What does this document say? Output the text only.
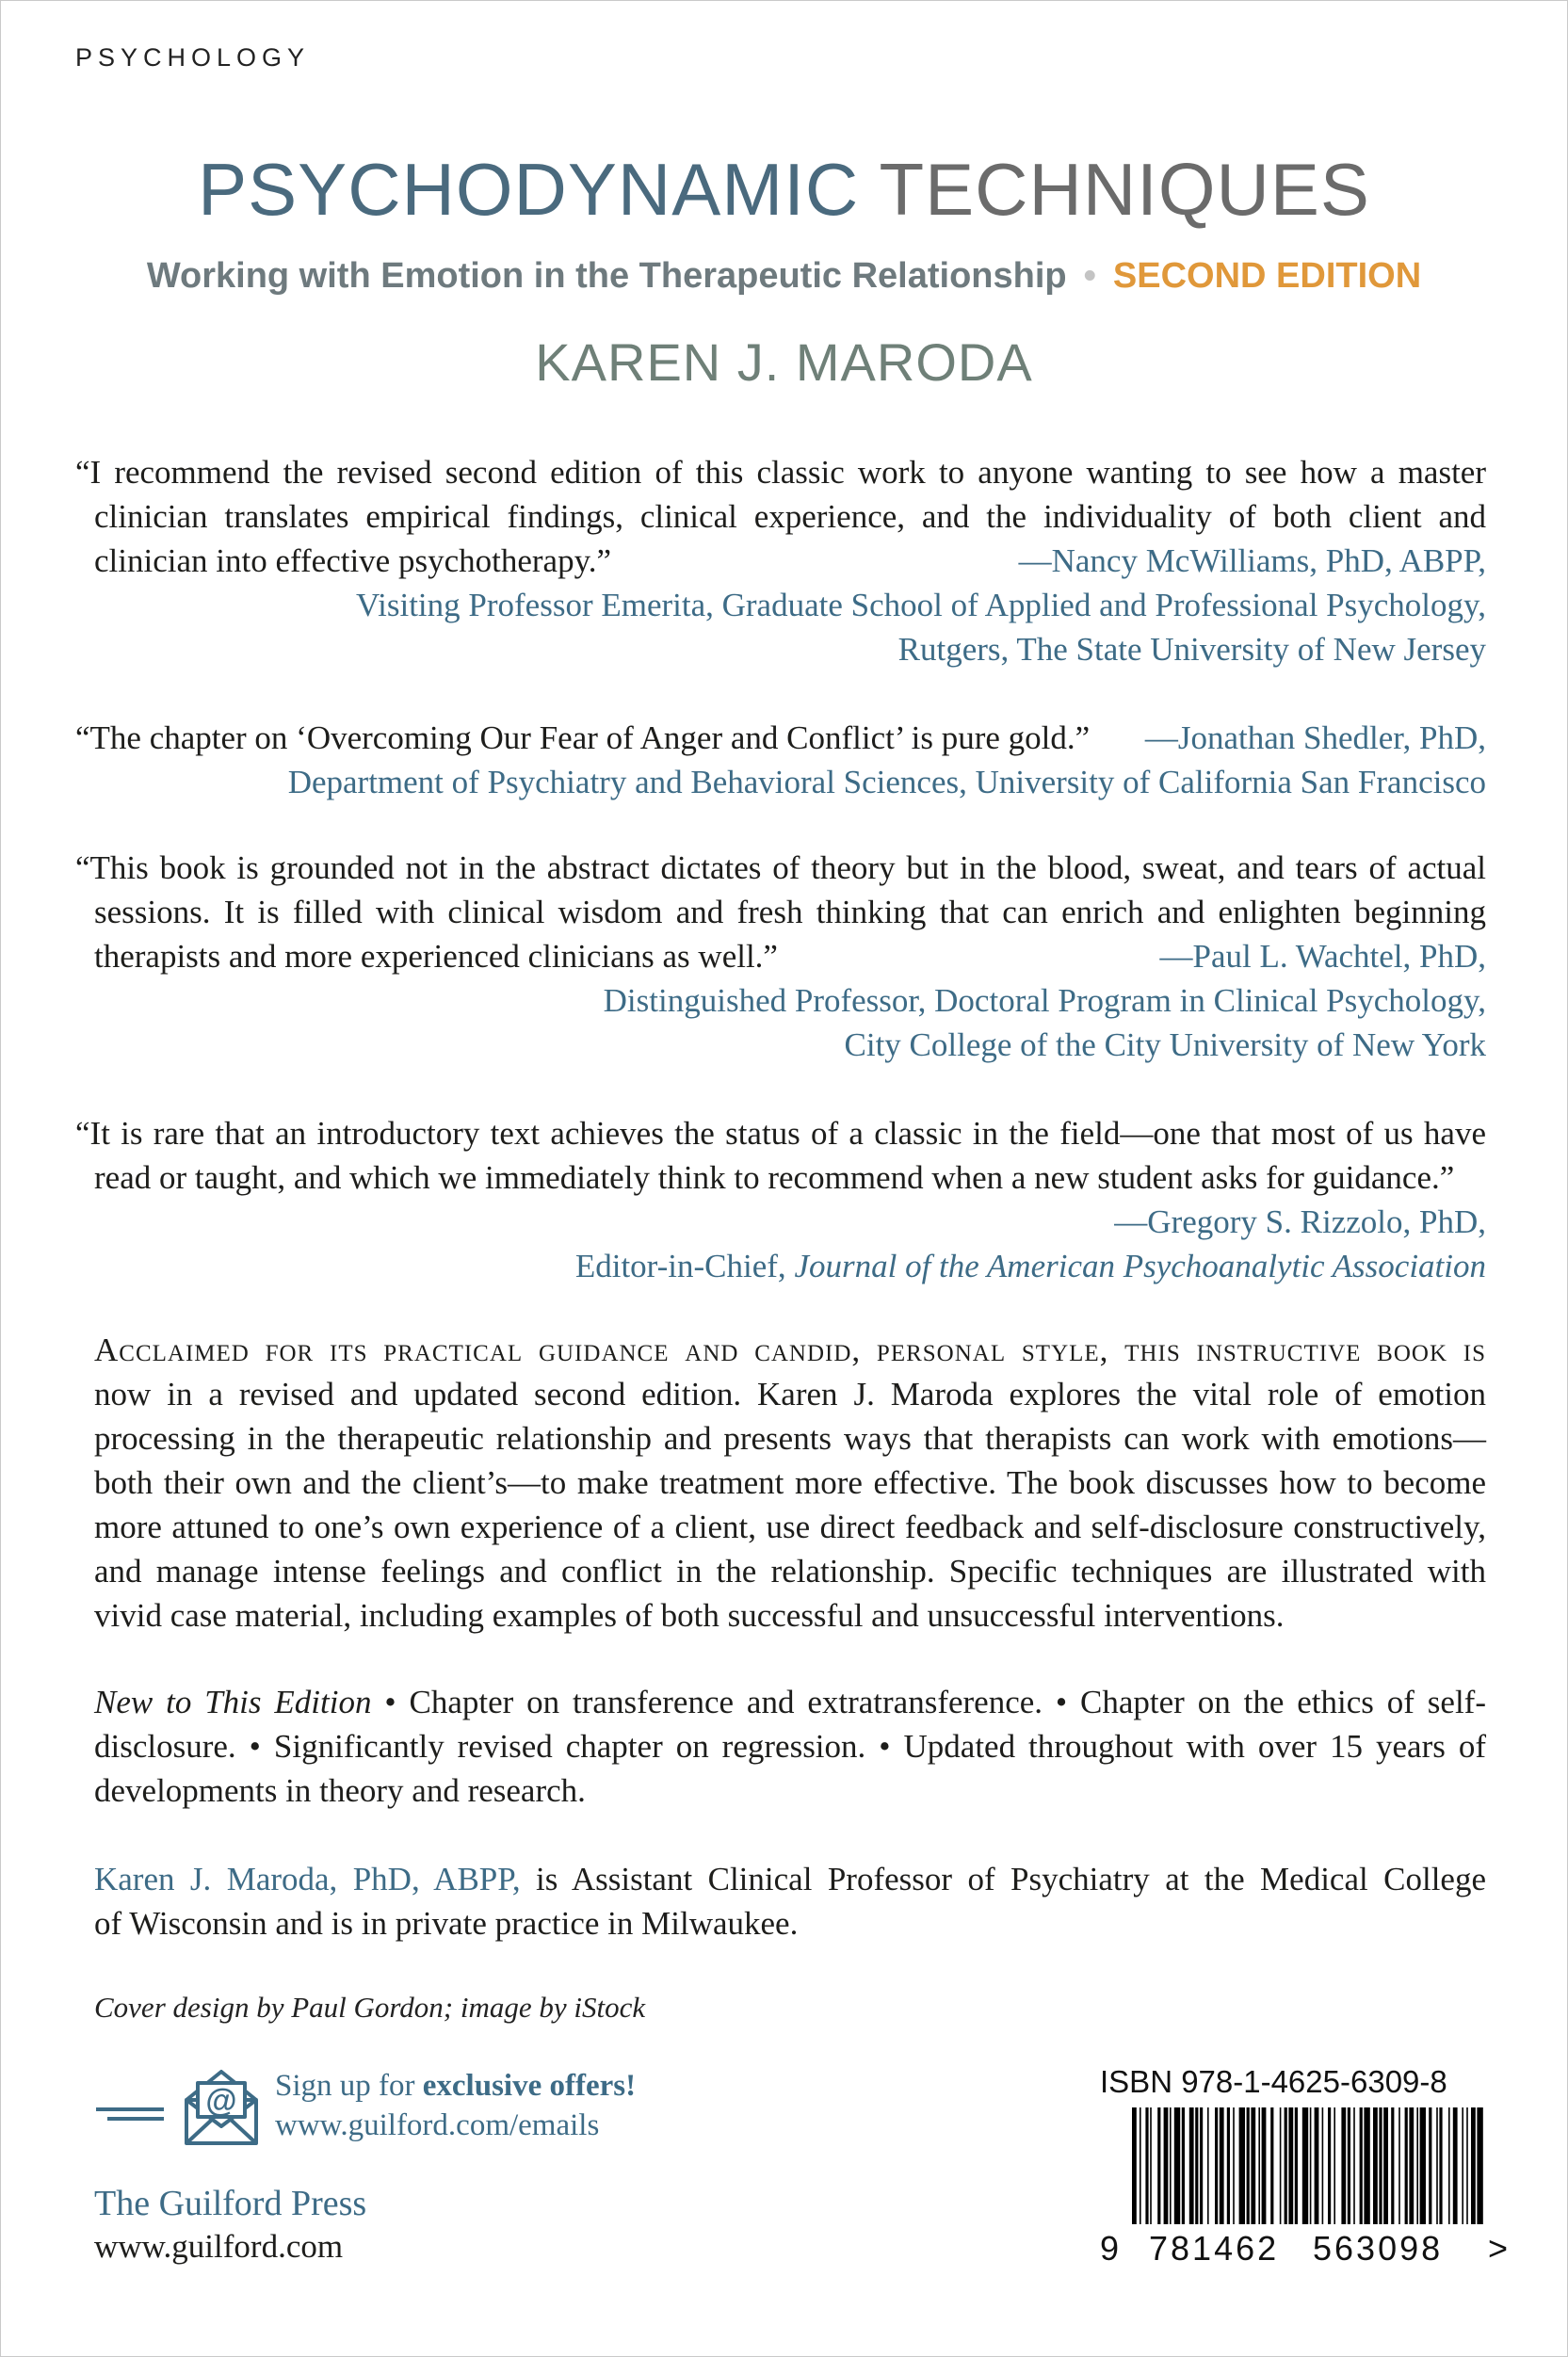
PSYCHOLOGY
PSYCHODYNAMIC TECHNIQUES
Working with Emotion in the Therapeutic Relationship • SECOND EDITION
KAREN J. MARODA
“I recommend the revised second edition of this classic work to anyone wanting to see how a master
clinician translates empirical findings, clinical experience, and the individuality of both client and
clinician into effective psychotherapy.”	—Nancy McWilliams, PhD, ABPP,
Visiting Professor Emerita, Graduate School of Applied and Professional Psychology,
Rutgers, The State University of New Jersey
“The chapter on ‘Overcoming Our Fear of Anger and Conflict’ is pure gold.” —Jonathan Shedler, PhD,
Department of Psychiatry and Behavioral Sciences, University of California San Francisco
“This book is grounded not in the abstract dictates of theory but in the blood, sweat, and tears of actual
sessions. It is filled with clinical wisdom and fresh thinking that can enrich and enlighten beginning
therapists and more experienced clinicians as well.”	—Paul L. Wachtel, PhD,
Distinguished Professor, Doctoral Program in Clinical Psychology,
City College of the City University of New York
“It is rare that an introductory text achieves the status of a classic in the field—one that most of us have
read or taught, and which we immediately think to recommend when a new student asks for guidance.”
—Gregory S. Rizzolo, PhD,
Editor-in-Chief, Journal of the American Psychoanalytic Association
Acclaimed for its practical guidance and candid, personal style, this instructive book is
now in a revised and updated second edition. Karen J. Maroda explores the vital role of emotion
processing in the therapeutic relationship and presents ways that therapists can work with emotions—
both their own and the client’s—to make treatment more effective. The book discusses how to become
more attuned to one’s own experience of a client, use direct feedback and self-disclosure constructively,
and manage intense feelings and conflict in the relationship. Specific techniques are illustrated with
vivid case material, including examples of both successful and unsuccessful interventions.
New to This Edition • Chapter on transference and extratransference. • Chapter on the ethics of self-
disclosure. • Significantly revised chapter on regression. • Updated throughout with over 15 years of
developments in theory and research.
Karen J. Maroda, PhD, ABPP, is Assistant Clinical Professor of Psychiatry at the Medical College
of Wisconsin and is in private practice in Milwaukee.
Cover design by Paul Gordon; image by iStock
@ Sign up for exclusive offers!
www.guilford.com/emails
The Guilford Press
www.guilford.com
ISBN 978-1-4625-6309-8
9 781462 563098 >
